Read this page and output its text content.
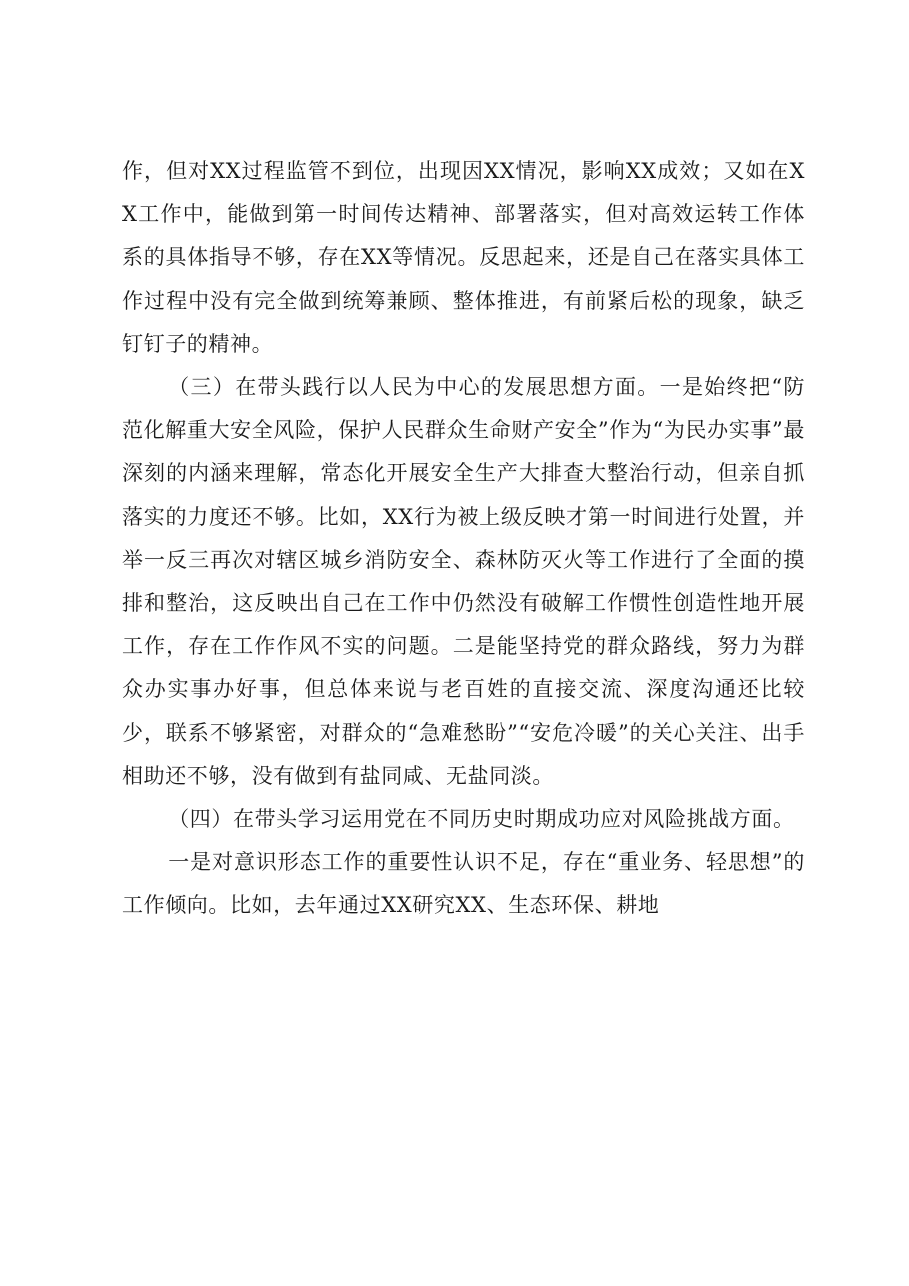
作，但对XX过程监管不到位，出现因XX情况，影响XX成效；又如在XX工作中，能做到第一时间传达精神、部署落实，但对高效运转工作体系的具体指导不够，存在XX等情况。反思起来，还是自己在落实具体工作过程中没有完全做到统筹兼顾、整体推进，有前紧后松的现象，缺乏钉钉子的精神。

（三）在带头践行以人民为中心的发展思想方面。一是始终把“防范化解重大安全风险，保护人民群众生命财产安全”作为“为民办实事”最深刻的内涵来理解，常态化开展安全生产大排查大整治行动，但亲自抓落实的力度还不够。比如，XX行为被上级反映才第一时间进行处置，并举一反三再次对辖区城乡消防安全、森林防灭火等工作进行了全面的摸排和整治，这反映出自己在工作中仍然没有破解工作惯性创造性地开展工作，存在工作作风不实的问题。二是能坚持党的群众路线，努力为群众办实事办好事，但总体来说与老百姓的直接交流、深度沟通还比较少，联系不够紧密，对群众的“急难愁盼”“安危冷暖”的关心关注、出手相助还不够，没有做到有盐同咸、无盐同淡。

（四）在带头学习运用党在不同历史时期成功应对风险挑战方面。

一是对意识形态工作的重要性认识不足，存在“重业务、轻思想”的工作倾向。比如，去年通过XX研究XX、生态环保、耕地
